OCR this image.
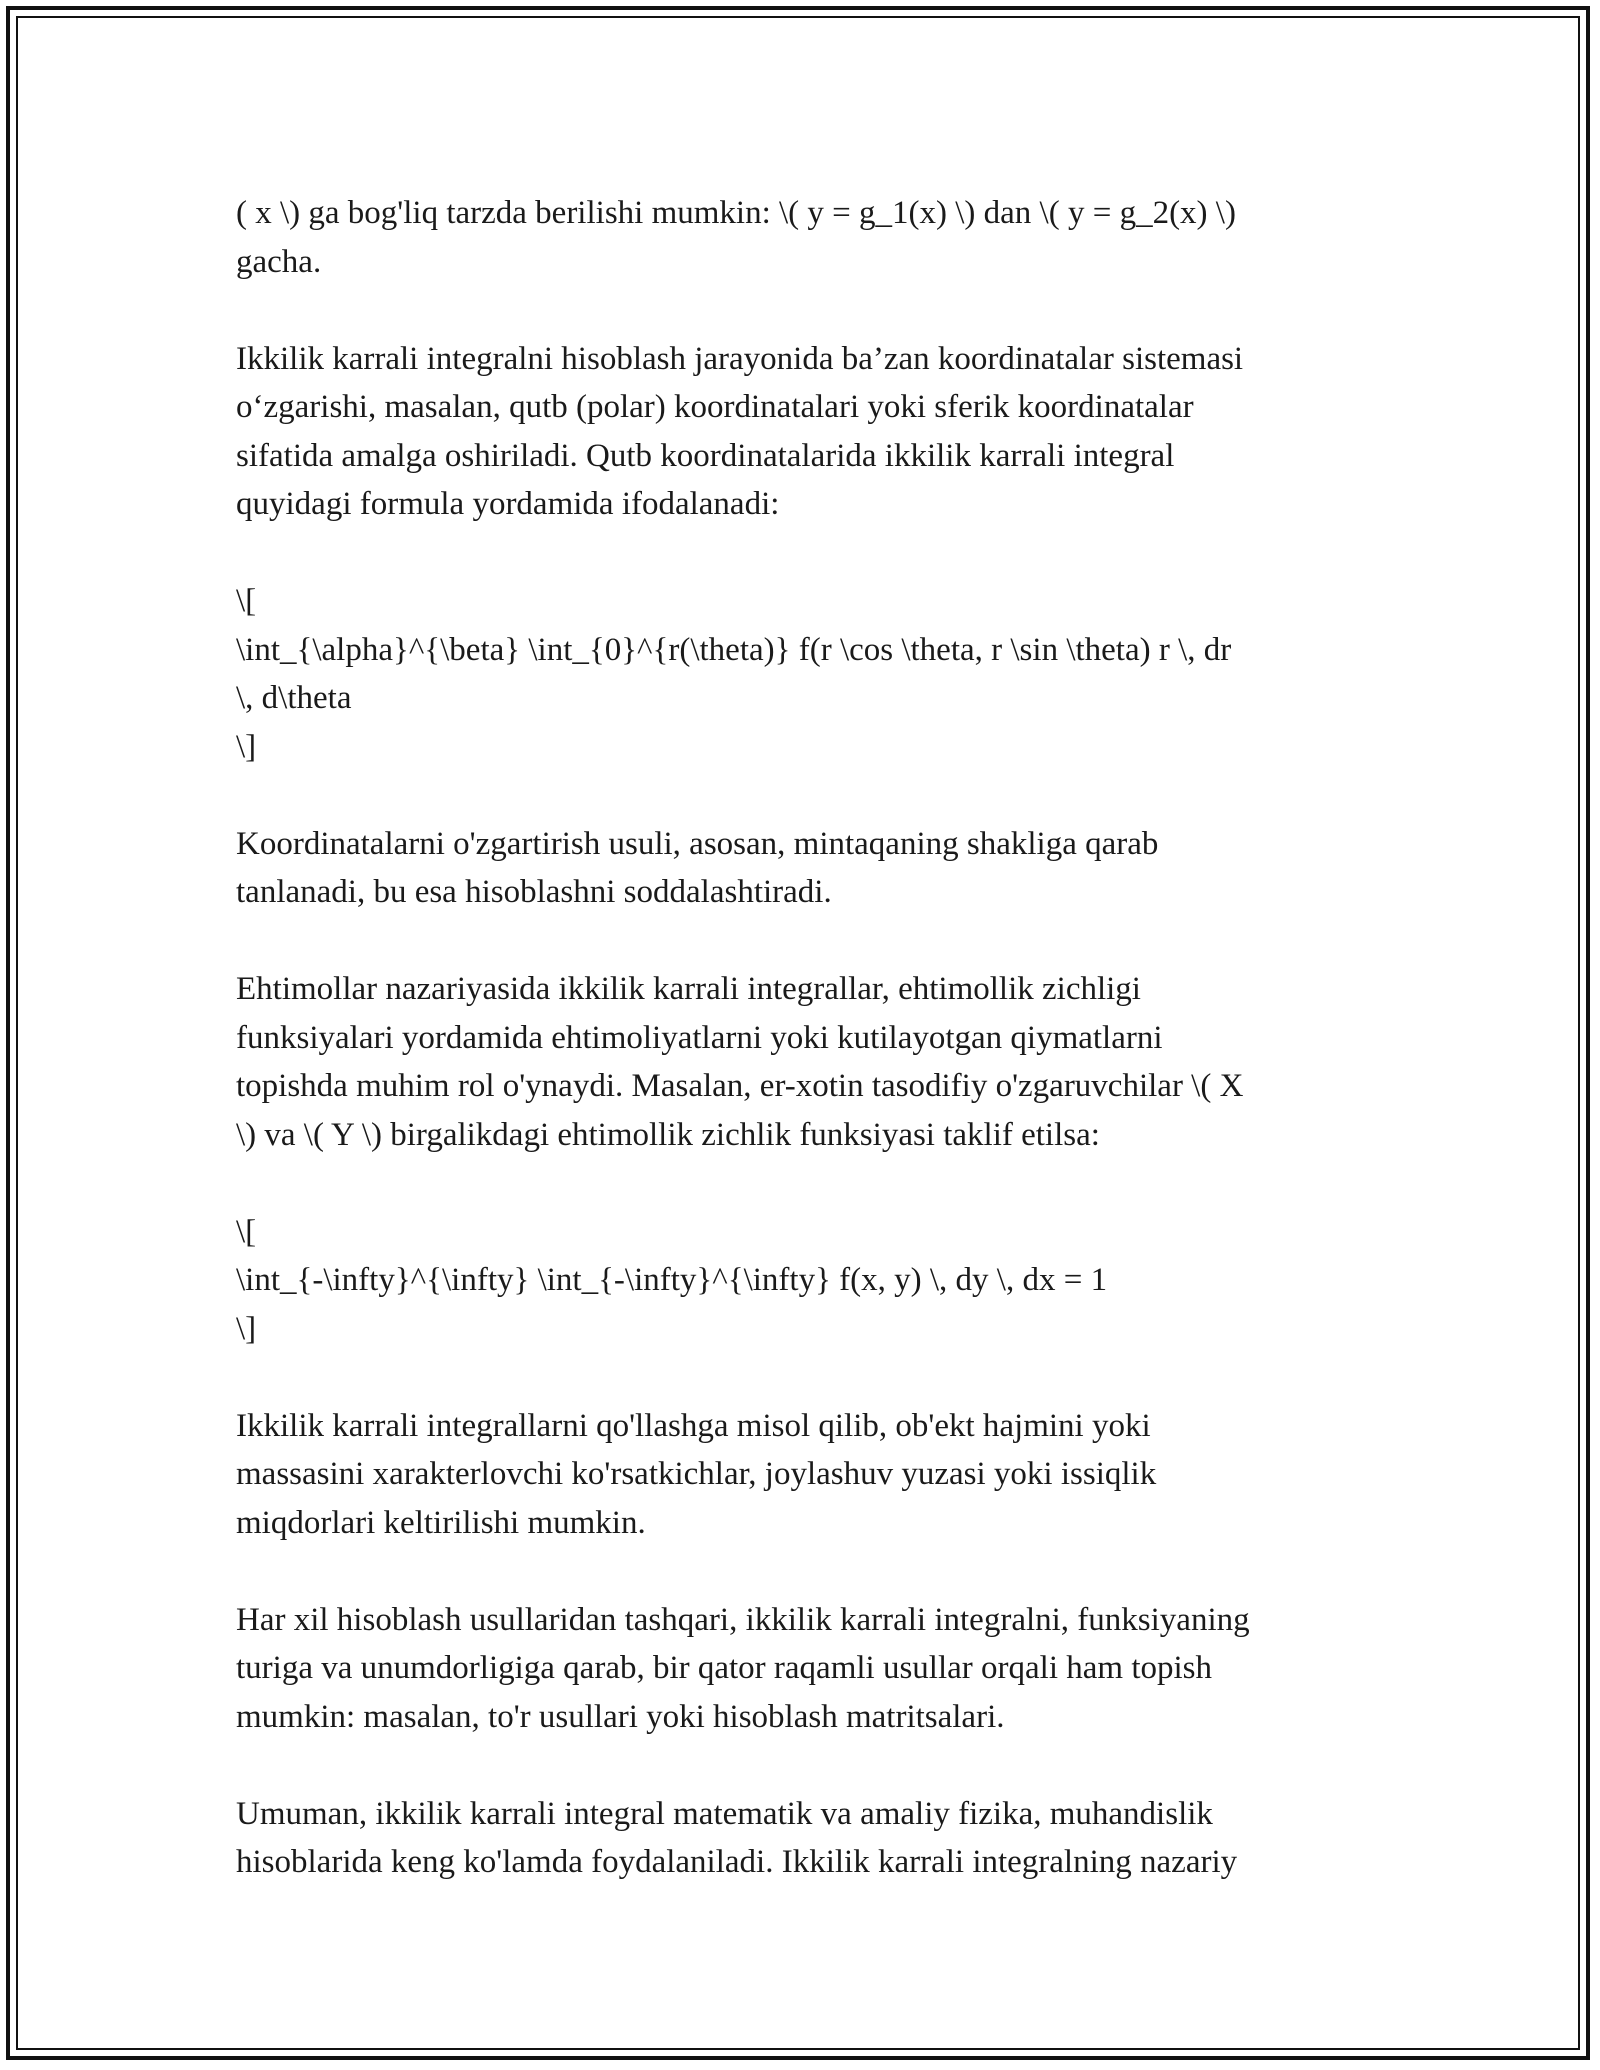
( x \) ga bog'liq tarzda berilishi mumkin: \( y = g_1(x) \) dan \( y = g_2(x) \)
gacha.
Ikkilik karrali integralni hisoblash jarayonida ba’zan koordinatalar sistemasi
o‘zgarishi, masalan, qutb (polar) koordinatalari yoki sferik koordinatalar
sifatida amalga oshiriladi. Qutb koordinatalarida ikkilik karrali integral
quyidagi formula yordamida ifodalanadi:
\[
\int_{\alpha}^{\beta} \int_{0}^{r(\theta)} f(r \cos \theta, r \sin \theta) r \, dr
\, d\theta
\]
Koordinatalarni o'zgartirish usuli, asosan, mintaqaning shakliga qarab
tanlanadi, bu esa hisoblashni soddalashtiradi.
Ehtimollar nazariyasida ikkilik karrali integrallar, ehtimollik zichligi
funksiyalari yordamida ehtimoliyatlarni yoki kutilayotgan qiymatlarni
topishda muhim rol o'ynaydi. Masalan, er-xotin tasodifiy o'zgaruvchilar \( X
\) va \( Y \) birgalikdagi ehtimollik zichlik funksiyasi taklif etilsa:
\[
\int_{-\infty}^{\infty} \int_{-\infty}^{\infty} f(x, y) \, dy \, dx = 1
\]
Ikkilik karrali integrallarni qo'llashga misol qilib, ob'ekt hajmini yoki
massasini xarakterlovchi ko'rsatkichlar, joylashuv yuzasi yoki issiqlik
miqdorlari keltirilishi mumkin.
Har xil hisoblash usullaridan tashqari, ikkilik karrali integralni, funksiyaning
turiga va unumdorligiga qarab, bir qator raqamli usullar orqali ham topish
mumkin: masalan, to'r usullari yoki hisoblash matritsalari.
Umuman, ikkilik karrali integral matematik va amaliy fizika, muhandislik
hisoblarida keng ko'lamda foydalaniladi. Ikkilik karrali integralning nazariy
